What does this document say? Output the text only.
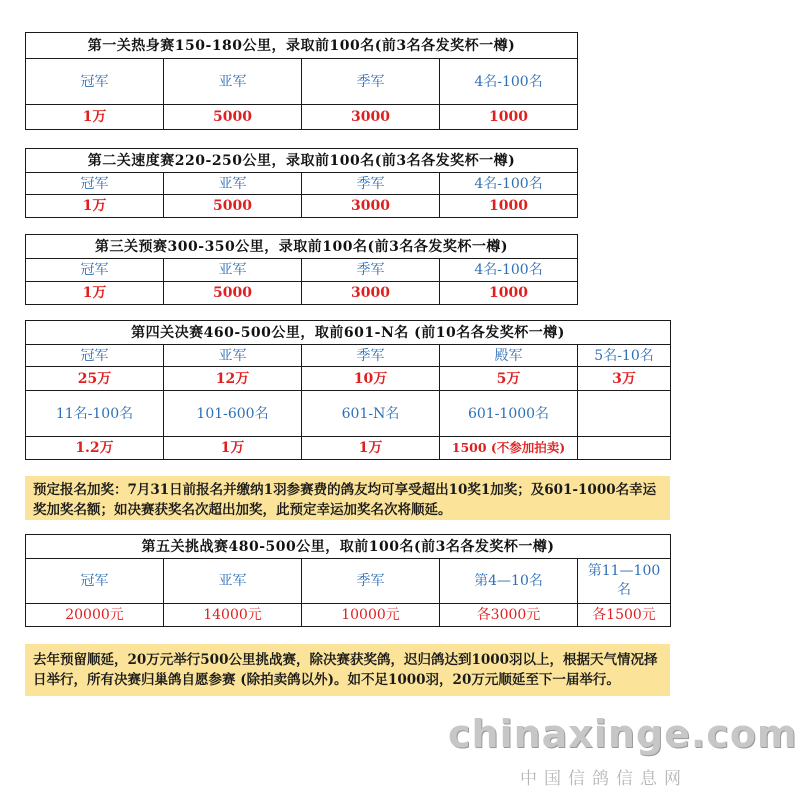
第一关热身赛150-180公里，录取前100名(前3名各发奖杯一樽)			
冠军	亚军	季军	4名-100名
1万	5000	3000	1000
第二关速度赛220-250公里，录取前100名(前3名各发奖杯一樽)			
冠军	亚军	季军	4名-100名
1万	5000	3000	1000
第三关预赛300-350公里，录取前100名(前3名各发奖杯一樽)			
冠军	亚军	季军	4名-100名
1万	5000	3000	1000
第四关决赛460-500公里，取前601-N名 (前10名各发奖杯一樽)				
冠军	亚军	季军	殿军	5名-10名
25万	12万	10万	5万	3万
11名-100名	101-600名	601-N名	601-1000名	
1.2万	1万	1万	1500 (不参加拍卖)	
预定报名加奖：7月31日前报名并缴纳1羽参赛费的鸽友均可享受超出10奖1加奖；及601-1000名幸运奖加奖名额；如决赛获奖名次超出加奖，此预定幸运加奖名次将顺延。
第五关挑战赛480-500公里，取前100名(前3名各发奖杯一樽)				
冠军	亚军	季军	第4—10名	第11—100名
20000元	14000元	10000元	各3000元	各1500元
去年预留顺延，20万元举行500公里挑战赛，除决赛获奖鸽，迟归鸽达到1000羽以上，根据天气情况择日举行，所有决赛归巢鸽自愿参赛 (除拍卖鸽以外)。如不足1000羽，20万元顺延至下一届举行。
chinaxinge.com
中国信鸽信息网
